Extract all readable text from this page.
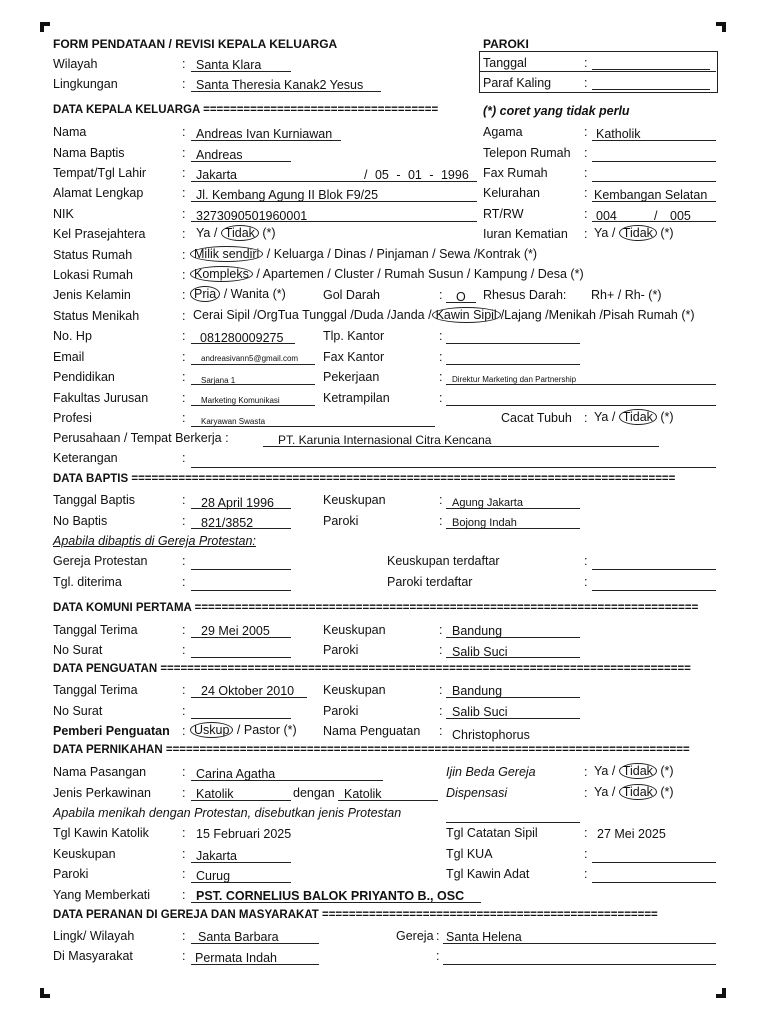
FORM PENDATAAN / REVISI KEPALA KELUARGA	PAROKI
Wilayah	: Santa Klara
Lingkungan	: Santa Theresia Kanak2 Yesus
Tanggal	:
Paraf Kaling	:
DATA KEPALA KELUARGA ===================================	(*) coret yang tidak perlu
Nama	: Andreas Ivan Kurniawan	Agama	: Katholik
Nama Baptis	: Andreas	Telepon Rumah :
Tempat/Tgl Lahir	: Jakarta	/ 05 - 01 - 1996 Fax Rumah	:
Alamat Lengkap	: Jl. Kembang Agung II Blok F9/25	Kelurahan	: Kembangan Selatan
NIK	: 3273090501960001	RT/RW	: 004	/ 005
Kel Prasejahtera	: Ya / Tidak (*)	Iuran Kematian : Ya / Tidak (*)
Status Rumah	: Milik sendiri / Keluarga / Dinas / Pinjaman / Sewa /Kontrak (*)
Lokasi Rumah	: Kompleks / Apartemen / Cluster / Rumah Susun / Kampung / Desa (*)
Jenis Kelamin	: Pria / Wanita (*)	Gol Darah	: O Rhesus Darah: Rh+ / Rh- (*)
Status Menikah	: Cerai Sipil /OrgTua Tunggal /Duda /Janda / Kawin Sipil /Lajang /Menikah /Pisah Rumah (*)
No. Hp	: 081280009275	Tlp. Kantor	:
Email	: andreasivann5@gmail.com Fax Kantor	:
Pendidikan	: Sarjana 1	Pekerjaan	: Direktur Marketing dan Partnership
Fakultas Jurusan	: Marketing Komunikasi	Ketrampilan	:
Profesi	: Karyawan Swasta	Cacat Tubuh : Ya / Tidak (*)
Perusahaan / Tempat Berkerja :	PT. Karunia Internasional Citra Kencana
Keterangan	:
DATA BAPTIS =================================================================================
Tanggal Baptis	: 28 April 1996	Keuskupan	: Agung Jakarta
No Baptis	: 821/3852	Paroki	: Bojong Indah
Apabila dibaptis di Gereja Protestan:
Gereja Protestan	:	Keuskupan terdaftar	:
Tgl. diterima	:	Paroki terdaftar	:
DATA KOMUNI PERTAMA ===========================================================================
Tanggal Terima	: 29 Mei 2005	Keuskupan	: Bandung
No Surat	:	Paroki	: Salib Suci
DATA PENGUATAN ===============================================================================
Tanggal Terima	: 24 Oktober 2010 Keuskupan	: Bandung
No Surat	:	Paroki	: Salib Suci
Pemberi Penguatan : Uskup / Pastor (*) Nama Penguatan : Christophorus
DATA PERNIKAHAN ==============================================================================
Nama Pasangan	: Carina Agatha	Ijin Beda Gereja	: Ya / Tidak (*)
Jenis Perkawinan : Katolik	dengan Katolik	Dispensasi	: Ya / Tidak (*)
Apabila menikah dengan Protestan, disebutkan jenis Protestan
Tgl Kawin Katolik	: 15 Februari 2025	Tgl Catatan Sipil	: 27 Mei 2025
Keuskupan	: Jakarta	Tgl KUA	:
Paroki	: Curug	Tgl Kawin Adat	:
Yang Memberkati	: PST. CORNELIUS BALOK PRIYANTO B., OSC
DATA PERANAN DI GEREJA DAN MASYARAKAT ==================================================
Lingk/ Wilayah	: Santa Barbara	Gereja : Santa Helena
Di Masyarakat	: Permata Indah	:
